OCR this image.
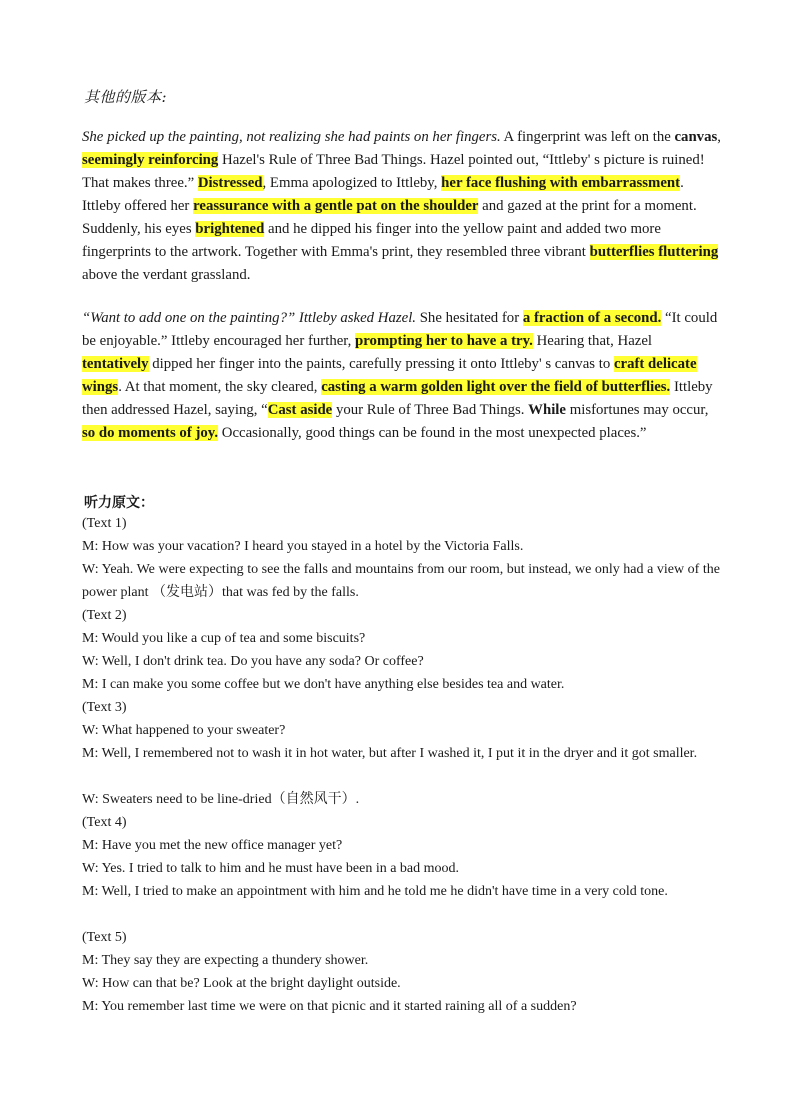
其他的版本:
She picked up the painting, not realizing she had paints on her fingers. A fingerprint was left on the canvas, seemingly reinforcing Hazel's Rule of Three Bad Things. Hazel pointed out, “Ittleby' s picture is ruined! That makes three.” Distressed, Emma apologized to Ittleby, her face flushing with embarrassment. Ittleby offered her reassurance with a gentle pat on the shoulder and gazed at the print for a moment. Suddenly, his eyes brightened and he dipped his finger into the yellow paint and added two more fingerprints to the artwork. Together with Emma's print, they resembled three vibrant butterflies fluttering above the verdant grassland.
“Want to add one on the painting?” Ittleby asked Hazel. She hesitated for a fraction of a second. “It could be enjoyable.” Ittleby encouraged her further, prompting her to have a try. Hearing that, Hazel tentatively dipped her finger into the paints, carefully pressing it onto Ittleby' s canvas to craft delicate wings. At that moment, the sky cleared, casting a warm golden light over the field of butterflies. Ittleby then addressed Hazel, saying, “Cast aside your Rule of Three Bad Things. While misfortunes may occur, so do moments of joy. Occasionally, good things can be found in the most unexpected places.”
听力原文：
(Text 1)
M: How was your vacation? I heard you stayed in a hotel by the Victoria Falls.
W: Yeah. We were expecting to see the falls and mountains from our room, but instead, we only had a view of the power plant （发电站）that was fed by the falls.
(Text 2)
M: Would you like a cup of tea and some biscuits?
W: Well, I don't drink tea. Do you have any soda? Or coffee?
M: I can make you some coffee but we don't have anything else besides tea and water.
(Text 3)
W: What happened to your sweater?
M: Well, I remembered not to wash it in hot water, but after I washed it, I put it in the dryer and it got smaller.
W: Sweaters need to be line-dried（自然风干）.
(Text 4)
M: Have you met the new office manager yet?
W: Yes. I tried to talk to him and he must have been in a bad mood.
M: Well, I tried to make an appointment with him and he told me he didn't have time in a very cold tone.
(Text 5)
M: They say they are expecting a thundery shower.
W: How can that be? Look at the bright daylight outside.
M: You remember last time we were on that picnic and it started raining all of a sudden?
